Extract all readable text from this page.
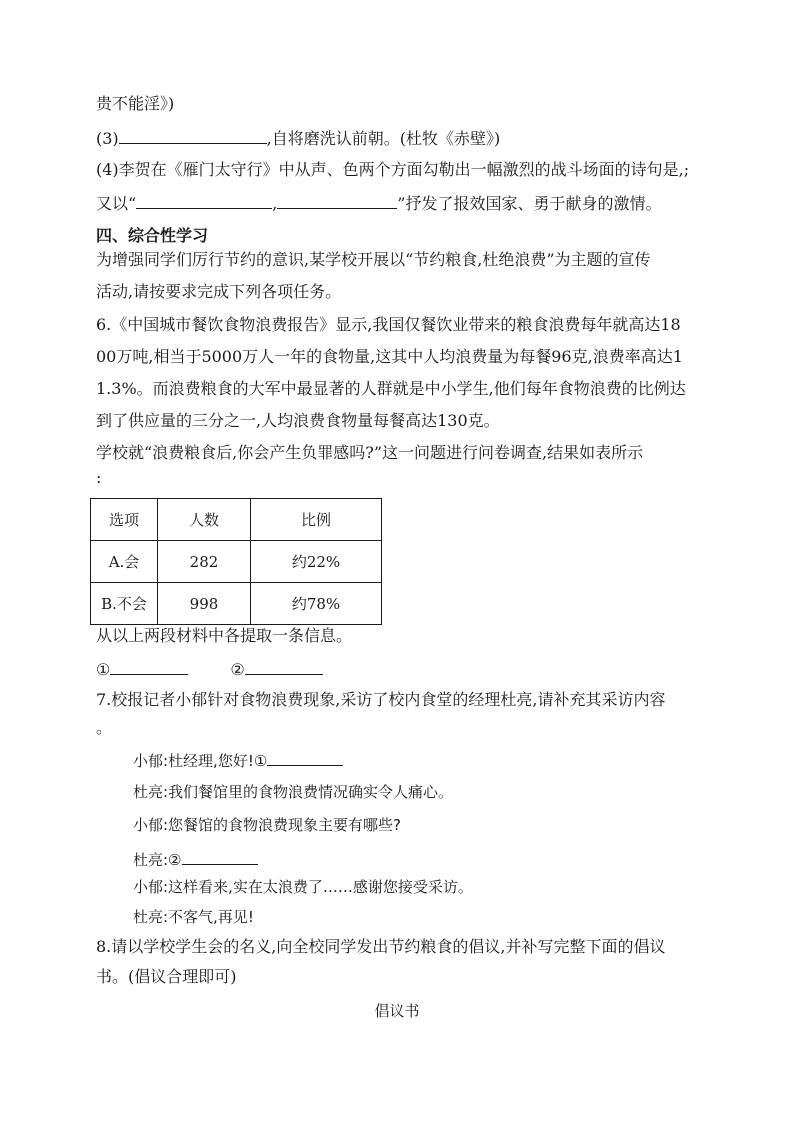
贵不能淫》)
(3)	,自将磨洗认前朝。(杜牧《赤壁》)
(4)李贺在《雁门太守行》中从声、色两个方面勾勒出一幅激烈的战斗场面的诗句是,;
又以“	,	”抒发了报效国家、勇于献身的激情。
四、综合性学习
为增强同学们厉行节约的意识,某学校开展以“节约粮食,杜绝浪费”为主题的宣传
活动,请按要求完成下列各项任务。
6.《中国城市餐饮食物浪费报告》显示,我国仅餐饮业带来的粮食浪费每年就高达18
00万吨,相当于5000万人一年的食物量,这其中人均浪费量为每餐96克,浪费率高达1
1.3%。而浪费粮食的大军中最显著的人群就是中小学生,他们每年食物浪费的比例达
到了供应量的三分之一,人均浪费食物量每餐高达130克。
学校就“浪费粮食后,你会产生负罪感吗?”这一问题进行问卷调查,结果如表所示
:
选项	人数	比例
A.会	282	约22%
B.不会	998	约78%
从以上两段材料中各提取一条信息。
①	②
7.校报记者小郁针对食物浪费现象,采访了校内食堂的经理杜亮,请补充其采访内容
。
小郁:杜经理,您好!①
杜亮:我们餐馆里的食物浪费情况确实令人痛心。
小郁:您餐馆的食物浪费现象主要有哪些?
杜亮:②
小郁:这样看来,实在太浪费了……感谢您接受采访。
杜亮:不客气,再见!
8.请以学校学生会的名义,向全校同学发出节约粮食的倡议,并补写完整下面的倡议
书。(倡议合理即可)
倡议书
